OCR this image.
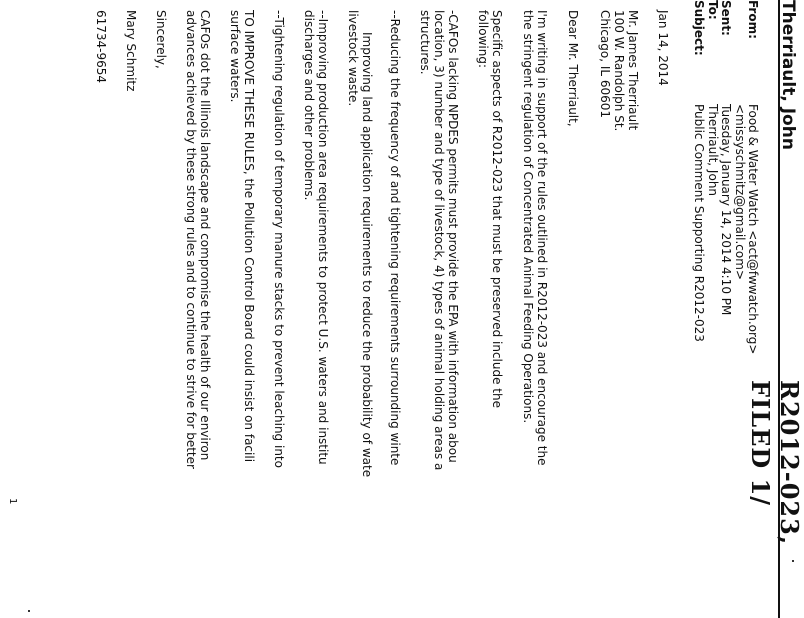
R2012-023, FILED 1/
Therriault, John
From:
Food & Water Watch <act@fwwatch.org>
<missyschmitz@gmail.com>
Sent:
Tuesday, January 14, 2014 4:10 PM
To:
Therriault, John
Subject:
Public Comment Supporting R2012-023
Jan 14, 2014
Mr. James Therriault
100 W. Randolph St.
Chicago, IL 60601
Dear Mr. Therriault,
I'm writing in support of the rules outlined in R2012-023 and encourage the
the stringent regulation of Concentrated Animal Feeding Operations.
Specific aspects of R2012-023 that must be preserved include the
following:
-CAFOs lacking NPDES permits must provide the EPA with information abou
location, 3) number and type of livestock, 4) types of animal holding areas a
structures.
--Reducing the frequency of and tightening requirements surrounding winte
Improving land application requirements to reduce the probability of wate
livestock waste.
--Improving production area requirements to protect U.S. waters and institu
discharges and other problems.
--Tightening regulation of temporary manure stacks to prevent leaching into
TO IMPROVE THESE RULES, the Pollution Control Board could insist on facili
surface waters.
CAFOs dot the Illinois landscape and compromise the health of our environ
advances achieved by these strong rules and to continue to strive for better
Sincerely,
Mary Schmitz
61734-9654
1
